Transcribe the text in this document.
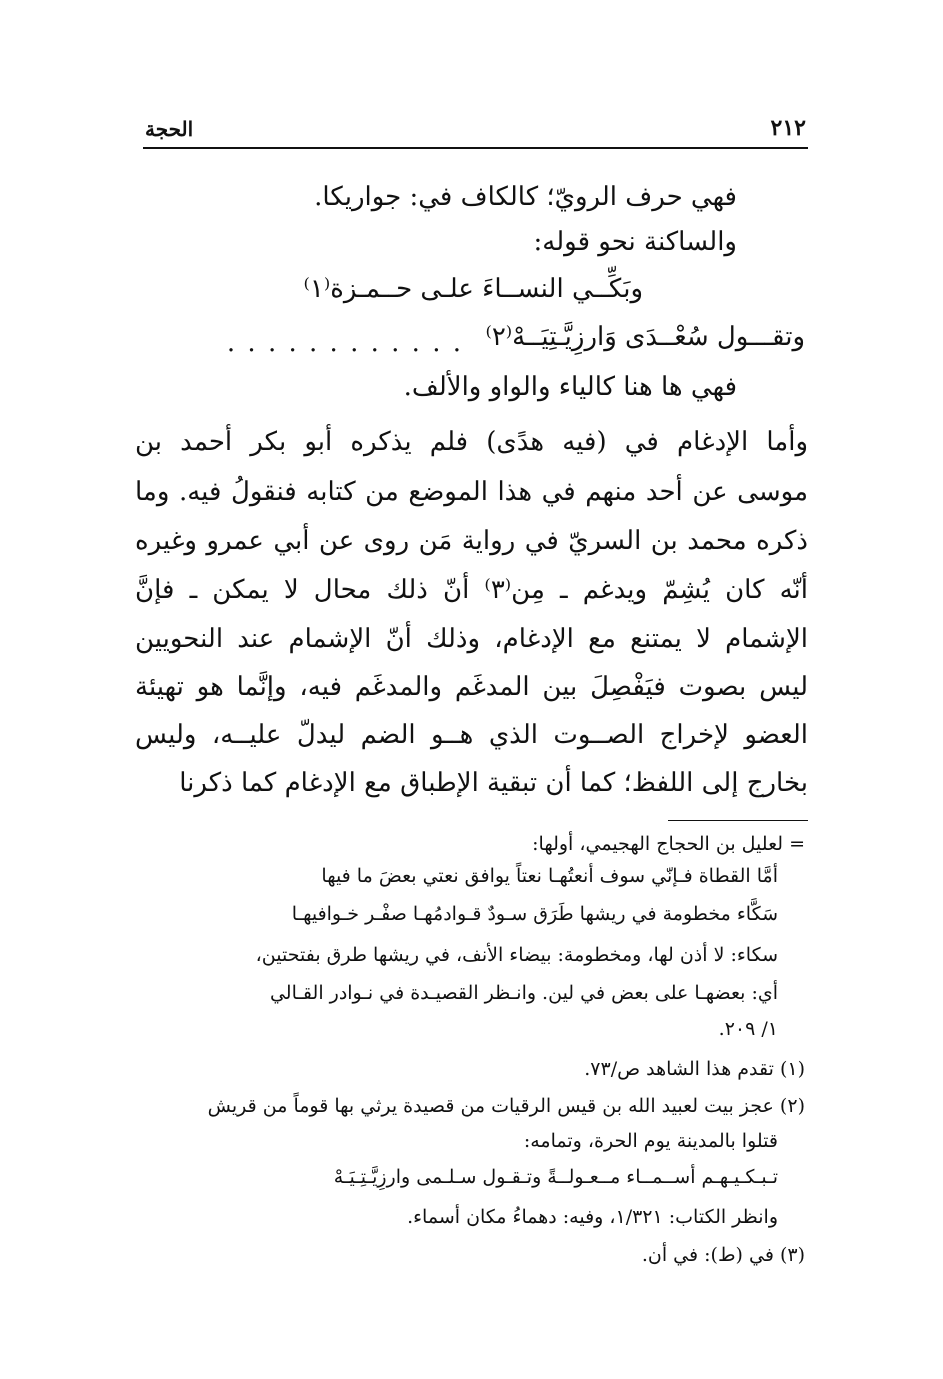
٢١٢
الحجة
فهي حرف الرويّ؛ كالكاف في: جواريكا.
والساكنة نحو قوله:
وبَكِّــي النســاءَ علـى حــمـزة⁽١⁾
. . . . . . . . . . . . وتقـــول سُعْــدَى وَارزِيَّـتِيَــهْ⁽٢⁾
فهي ها هنا كالياء والواو والألف.
وأما الإدغام في (فيه هدًى) فلم يذكره أبو بكر أحمد بن
موسى عن أحد منهم في هذا الموضع من كتابه فنقولُ فيه. وما
ذكره محمد بن السريّ في رواية مَن روى عن أبي عمرو وغيره
أنّه كان يُشِمّ ويدغم ـ مِن⁽٣⁾ أنّ ذلك محال لا يمكن ـ فإنَّ
الإشمام لا يمتنع مع الإدغام، وذلك أنّ الإشمام عند النحويين
ليس بصوت فيَفْصِلَ بين المدغَم والمدغَم فيه، وإنَّما هو تهيئة
العضو لإخراج الصــوت الذي هــو الضم ليدلّ عليــه، وليس
بخارج إلى اللفظ؛ كما أن تبقية الإطباق مع الإدغام كما ذكرنا
= لعليل بن الحجاج الهجيمي، أولها:
أمَّا القطاة فـإنّي سوف أنعتُهـا نعتاً يوافق نعتي بعضَ ما فيها
سَكَّاء مخطومة في ريشها طَرَق سـودٌ قـوادمُهـا صفْـر خـوافيهـا
سكاء: لا أذن لها، ومخطومة: بيضاء الأنف، في ريشها طرق بفتحتين،
أي: بعضهـا على بعض في لين. وانـظر القصيـدة في نـوادر القـالي
١/ ٢٠٩.
(١) تقدم هذا الشاهد ص/٧٣.
(٢) عجز بيت لعبيد الله بن قيس الرقيات من قصيدة يرثي بها قوماً من قريش
قتلوا بالمدينة يوم الحرة، وتمامه:
تـبـكـيـهـم أســمــاء مــعـولــةً وتـقـول سـلـمى وارزِيَّـتِـيَـهْ
وانظر الكتاب: ١/٣٢١، وفيه: دهماءُ مكان أسماء.
(٣) في (ط): في أن.
